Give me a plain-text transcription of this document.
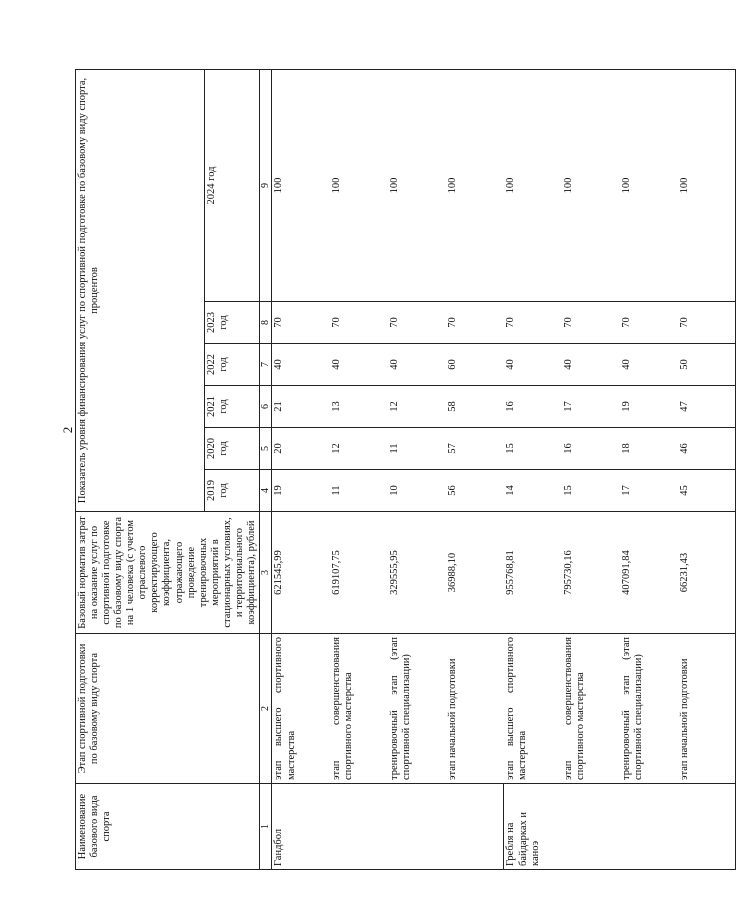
2
Наименование базового вида спорта	Этап спортивной подготовки по базовому виду спорта	Базовый норматив затрат на оказание услуг по спортивной подготовке по базовому виду спорта на 1 человека (с учетом отраслевого корректирующего коэффициента, отражающего проведение тренировочных мероприятий в стационарных условиях, и территориального коэффициента), рублей	Показатель уровня финансирования услуг по спортивной подготовке по базовому виду спорта, процентов					
			2019 год	2020 год	2021 год	2022 год	2023 год	2024 год
1	2	3	4	5	6	7	8	9
Гандбол	этап высшего спортивного мастерства	621545,99	19	20	21	40	70	100
	этап совершенствования спортивного мастерства	619107,75	11	12	13	40	70	100
	тренировочный этап (этап спортивной специализации)	329555,95	10	11	12	40	70	100
	этап начальной подготовки	36988,10	56	57	58	60	70	100
Гребля на байдарках и каноэ	этап высшего спортивного мастерства	955768,81	14	15	16	40	70	100
	этап совершенствования спортивного мастерства	795730,16	15	16	17	40	70	100
	тренировочный этап (этап спортивной специализации)	407091,84	17	18	19	40	70	100
	этап начальной подготовки	66231,43	45	46	47	50	70	100
